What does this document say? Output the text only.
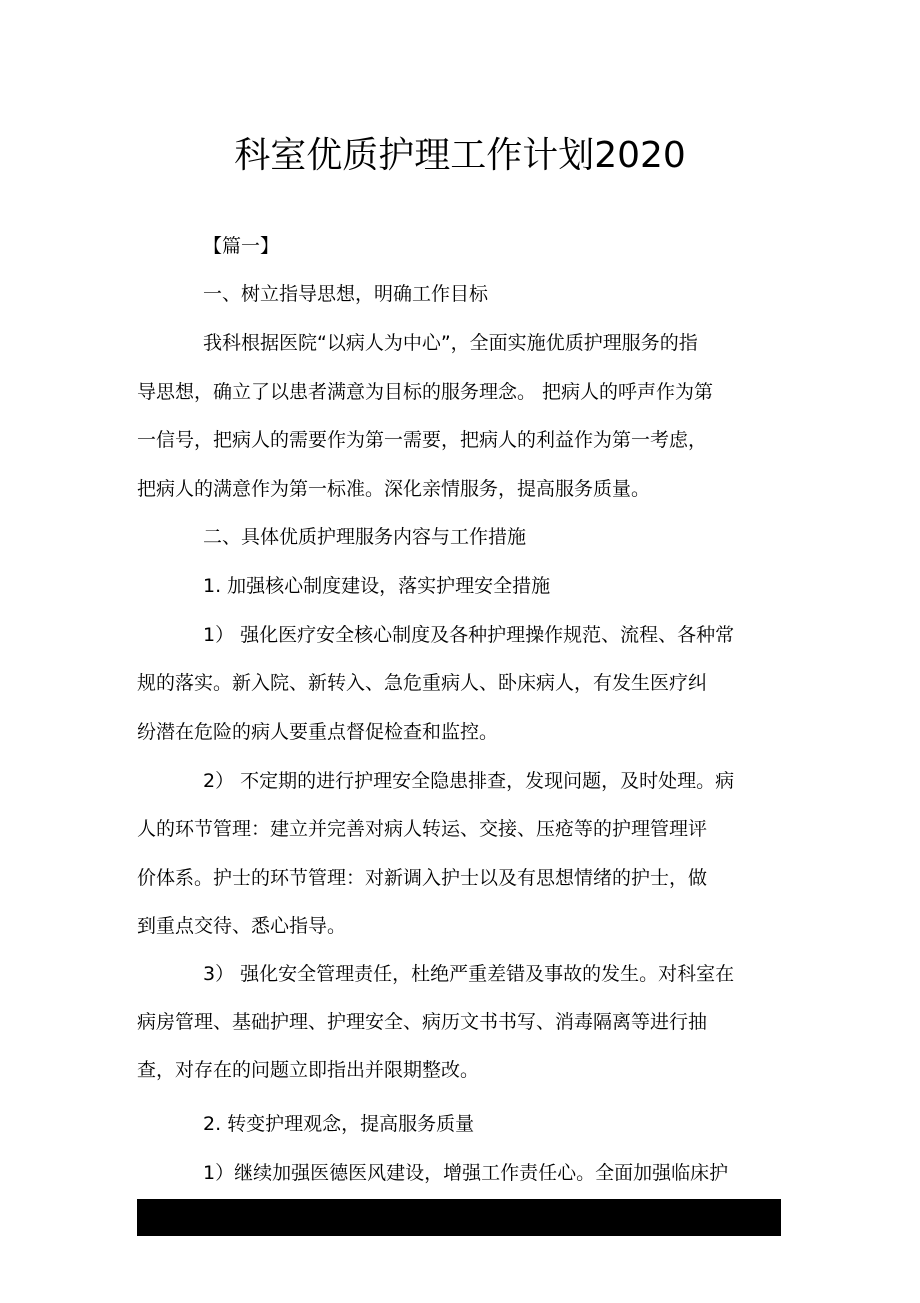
科室优质护理工作计划2020
【篇一】
一、树立指导思想，明确工作目标
我科根据医院“以病人为中心”，全面实施优质护理服务的指
导思想，确立了以患者满意为目标的服务理念。 把病人的呼声作为第
一信号，把病人的需要作为第一需要，把病人的利益作为第一考虑，
把病人的满意作为第一标准。深化亲情服务，提高服务质量。
二、具体优质护理服务内容与工作措施
1. 加强核心制度建设，落实护理安全措施
1） 强化医疗安全核心制度及各种护理操作规范、流程、各种常
规的落实。新入院、新转入、急危重病人、卧床病人，有发生医疗纠
纷潜在危险的病人要重点督促检查和监控。
2） 不定期的进行护理安全隐患排查，发现问题，及时处理。病
人的环节管理：建立并完善对病人转运、交接、压疮等的护理管理评
价体系。护士的环节管理：对新调入护士以及有思想情绪的护士，做
到重点交待、悉心指导。
3） 强化安全管理责任，杜绝严重差错及事故的发生。对科室在
病房管理、基础护理、护理安全、病历文书书写、消毒隔离等进行抽
查，对存在的问题立即指出并限期整改。
2. 转变护理观念，提高服务质量
1）继续加强医德医风建设，增强工作责任心。全面加强临床护
